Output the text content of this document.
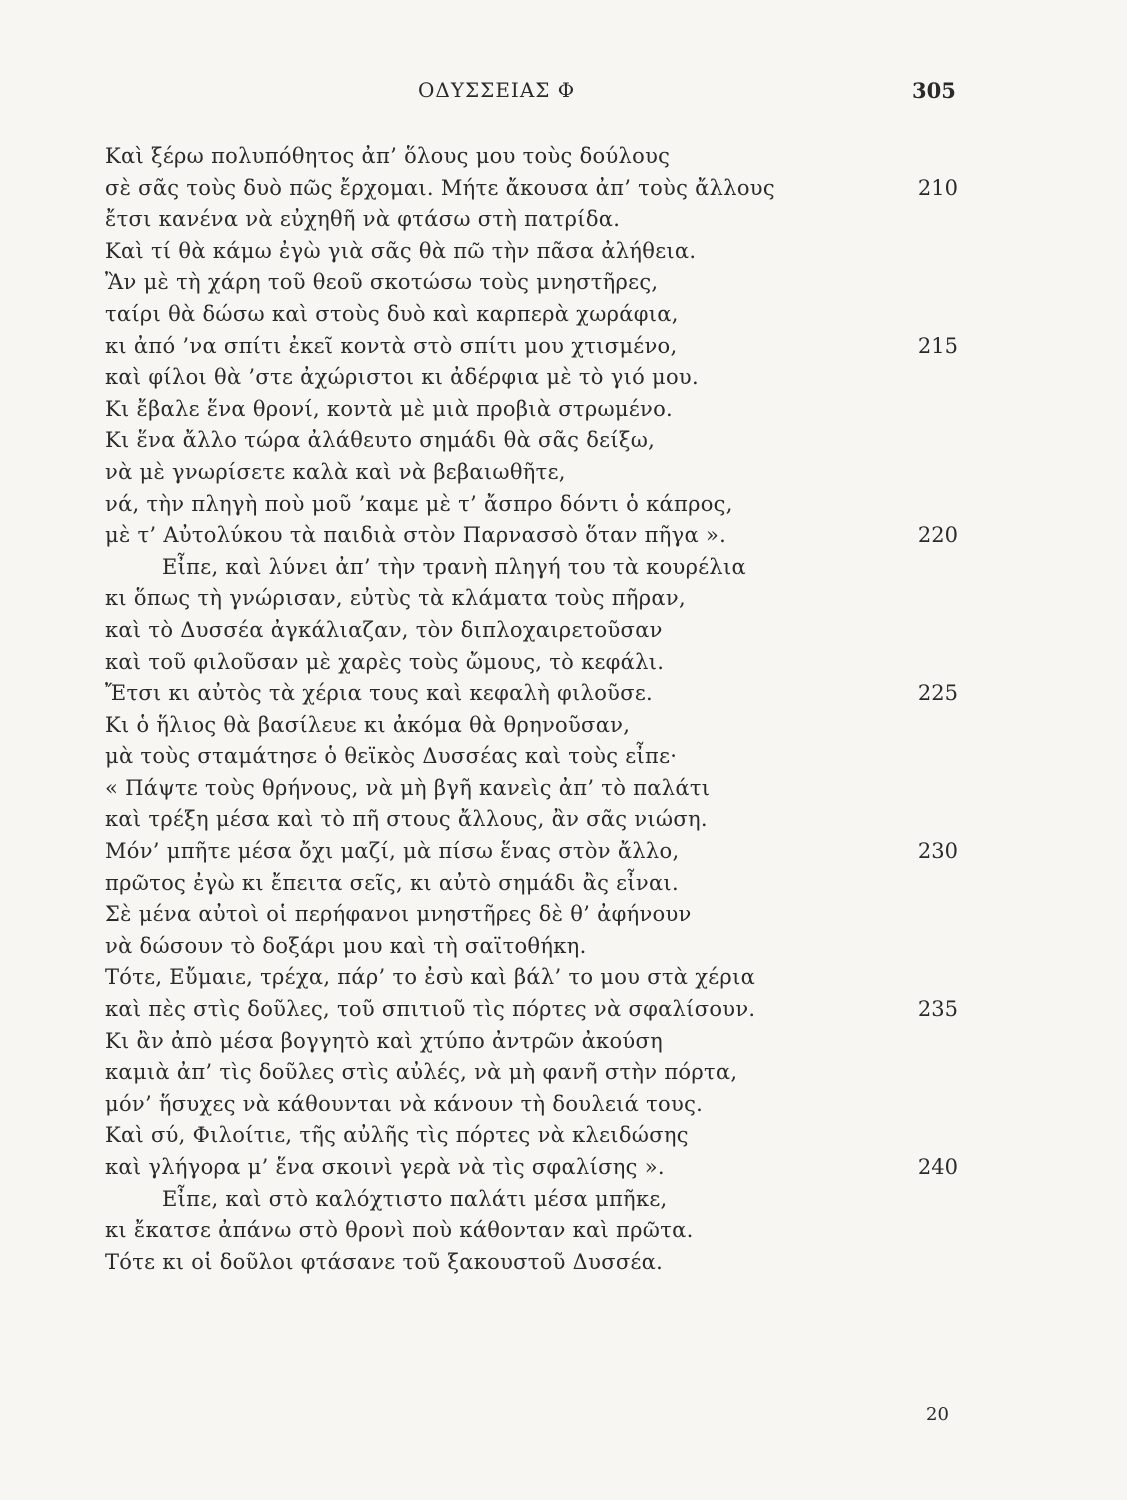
ΟΔΥΣΣΕΙΑΣ Φ	305
Καὶ ξέρω πολυπόθητος ἀπ’ ὅλους μου τοὺς δούλους
σὲ σᾶς τοὺς δυὸ πῶς ἔρχομαι. Μήτε ἄκουσα ἀπ’ τοὺς ἄλλους	210
ἔτσι κανένα νὰ εὐχηθῆ νὰ φτάσω στὴ πατρίδα.
Καὶ τί θὰ κάμω ἐγὼ γιὰ σᾶς θὰ πῶ τὴν πᾶσα ἀλήθεια.
Ἂν μὲ τὴ χάρη τοῦ θεοῦ σκοτώσω τοὺς μνηστῆρες,
ταίρι θὰ δώσω καὶ στοὺς δυὸ καὶ καρπερὰ χωράφια,
κι ἀπό ’να σπίτι ἐκεῖ κοντὰ στὸ σπίτι μου χτισμένο,	215
καὶ φίλοι θὰ ’στε ἀχώριστοι κι ἀδέρφια μὲ τὸ γιό μου.
Κι ἔβαλε ἕνα θρονί, κοντὰ μὲ μιὰ προβιὰ στρωμένο.
Κι ἕνα ἄλλο τώρα ἀλάθευτο σημάδι θὰ σᾶς δείξω,
νὰ μὲ γνωρίσετε καλὰ καὶ νὰ βεβαιωθῆτε,
νά, τὴν πληγὴ ποὺ μοῦ ’καμε μὲ τ’ ἄσπρο δόντι ὁ κάπρος,
μὲ τ’ Αὐτολύκου τὰ παιδιὰ στὸν Παρνασσὸ ὅταν πῆγα ».	220
Εἶπε, καὶ λύνει ἀπ’ τὴν τρανὴ πληγή του τὰ κουρέλια
κι ὅπως τὴ γνώρισαν, εὐτὺς τὰ κλάματα τοὺς πῆραν,
καὶ τὸ Δυσσέα ἀγκάλιαζαν, τὸν διπλοχαιρετοῦσαν
καὶ τοῦ φιλοῦσαν μὲ χαρὲς τοὺς ὤμους, τὸ κεφάλι.
Ἔτσι κι αὐτὸς τὰ χέρια τους καὶ κεφαλὴ φιλοῦσε.	225
Κι ὁ ἥλιος θὰ βασίλευε κι ἀκόμα θὰ θρηνοῦσαν,
μὰ τοὺς σταμάτησε ὁ θεϊκὸς Δυσσέας καὶ τοὺς εἶπε·
« Πάψτε τοὺς θρήνους, νὰ μὴ βγῆ κανεὶς ἀπ’ τὸ παλάτι
καὶ τρέξη μέσα καὶ τὸ πῆ στους ἄλλους, ἂν σᾶς νιώση.
Μόν’ μπῆτε μέσα ὄχι μαζί, μὰ πίσω ἕνας στὸν ἄλλο,	230
πρῶτος ἐγὼ κι ἔπειτα σεῖς, κι αὐτὸ σημάδι ἂς εἶναι.
Σὲ μένα αὐτοὶ οἱ περήφανοι μνηστῆρες δὲ θ’ ἀφήνουν
νὰ δώσουν τὸ δοξάρι μου καὶ τὴ σαϊτοθήκη.
Τότε, Εὔμαιε, τρέχα, πάρ’ το ἐσὺ καὶ βάλ’ το μου στὰ χέρια
καὶ πὲς στὶς δοῦλες, τοῦ σπιτιοῦ τὶς πόρτες νὰ σφαλίσουν.	235
Κι ἂν ἀπὸ μέσα βογγητὸ καὶ χτύπο ἀντρῶν ἀκούση
καμιὰ ἀπ’ τὶς δοῦλες στὶς αὐλές, νὰ μὴ φανῆ στὴν πόρτα,
μόν’ ἥσυχες νὰ κάθουνται νὰ κάνουν τὴ δουλειά τους.
Καὶ σύ, Φιλοίτιε, τῆς αὐλῆς τὶς πόρτες νὰ κλειδώσης
καὶ γλήγορα μ’ ἕνα σκοινὶ γερὰ νὰ τὶς σφαλίσης ».	240
Εἶπε, καὶ στὸ καλόχτιστο παλάτι μέσα μπῆκε,
κι ἔκατσε ἀπάνω στὸ θρονὶ ποὺ κάθονταν καὶ πρῶτα.
Τότε κι οἱ δοῦλοι φτάσανε τοῦ ξακουστοῦ Δυσσέα.
20
